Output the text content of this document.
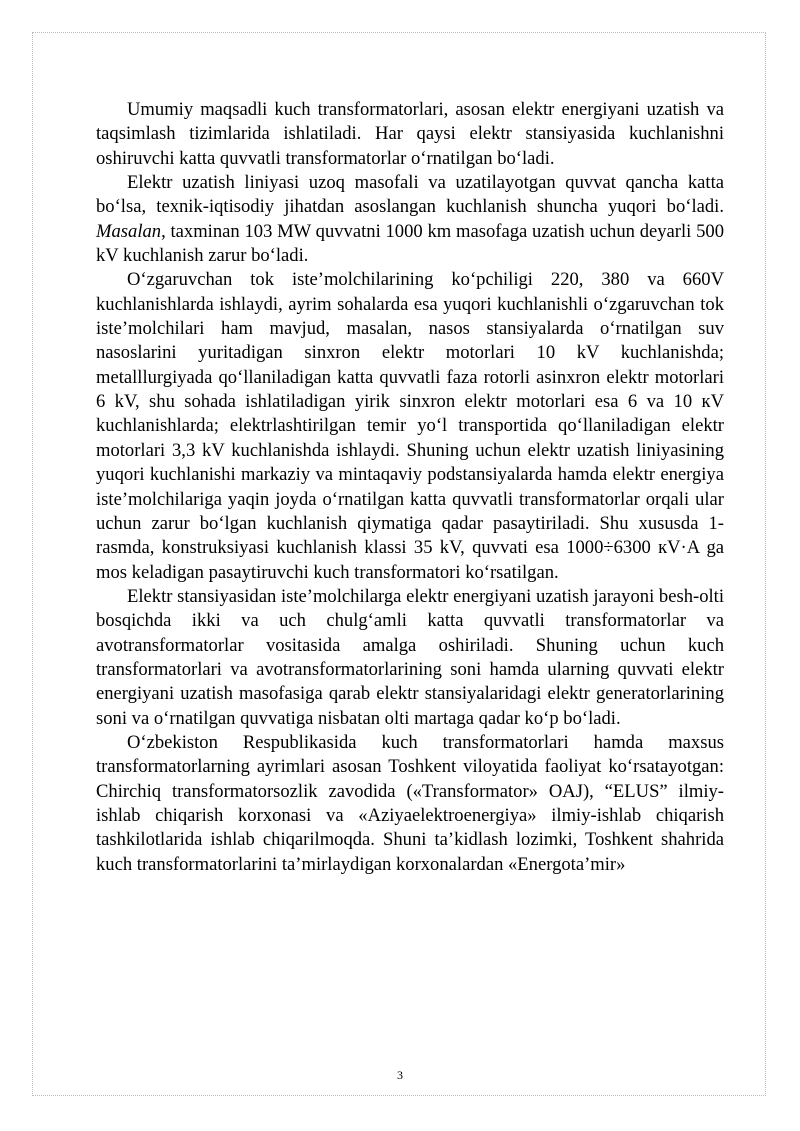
Umumiy maqsadli kuch transformatorlari, asosan elektr energiyani uzatish va taqsimlash tizimlarida ishlatiladi. Har qaysi elektr stansiyasida kuchlanishni oshiruvchi katta quvvatli transformatorlar oʻrnatilgan boʻladi.

Elektr uzatish liniyasi uzoq masofali va uzatilayotgan quvvat qancha katta boʻlsa, texnik-iqtisodiy jihatdan asoslangan kuchlanish shuncha yuqori boʻladi. Masalan, taxminan 103 MW quvvatni 1000 km masofaga uzatish uchun deyarli 500 kV kuchlanish zarur boʻladi.

Oʻzgaruvchan tok isteʼmolchilarining koʻpchiligi 220, 380 va 660V kuchlanishlarda ishlaydi, ayrim sohalarda esa yuqori kuchlanishli oʻzgaruvchan tok isteʼmolchilari ham mavjud, masalan, nasos stansiyalarda oʻrnatilgan suv nasoslarini yuritadigan sinxron elektr motorlari 10 kV kuchlanishda; metalllurgiyada qoʻllaniladigan katta quvvatli faza rotorli asinxron elektr motorlari 6 kV, shu sohada ishlatiladigan yirik sinxron elektr motorlari esa 6 va 10 кV kuchlanishlarda; elektrlashtirilgan temir yoʻl transportida qoʻllaniladigan elektr motorlari 3,3 kV kuchlanishda ishlaydi. Shuning uchun elektr uzatish liniyasining yuqori kuchlanishi markaziy va mintaqaviy podstansiyalarda hamda elektr energiya isteʼmolchilariga yaqin joyda oʻrnatilgan katta quvvatli transformatorlar orqali ular uchun zarur boʻlgan kuchlanish qiymatiga qadar pasaytiriladi. Shu xususda 1-rasmda, konstruksiyasi kuchlanish klassi 35 kV, quvvati esa 1000÷6300 кV·A ga mos keladigan pasaytiruvchi kuch transformatori koʻrsatilgan.

Elektr stansiyasidan isteʼmolchilarga elektr energiyani uzatish jarayoni besh-olti bosqichda ikki va uch chulgʻamli katta quvvatli transformatorlar va avotransformatorlar vositasida amalga oshiriladi. Shuning uchun kuch transformatorlari va avotransformatorlarining soni hamda ularning quvvati elektr energiyani uzatish masofasiga qarab elektr stansiyalaridagi elektr generatorlarining soni va oʻrnatilgan quvvatiga nisbatan olti martaga qadar koʻp boʻladi.

Oʻzbekiston Respublikasida kuch transformatorlari hamda maxsus transformatorlarning ayrimlari asosan Toshkent viloyatida faoliyat koʻrsatayotgan: Chirchiq transformatorsozlik zavodida («Transformator» OAJ), “ELUS” ilmiy-ishlab chiqarish korxonasi va «Aziyaelektroenergiya» ilmiy-ishlab chiqarish tashkilotlarida ishlab chiqarilmoqda. Shuni taʼkidlash lozimki, Toshkent shahrida kuch transformatorlarini taʼmirlaydigan korxonalardan «Energotaʼmir»

3
